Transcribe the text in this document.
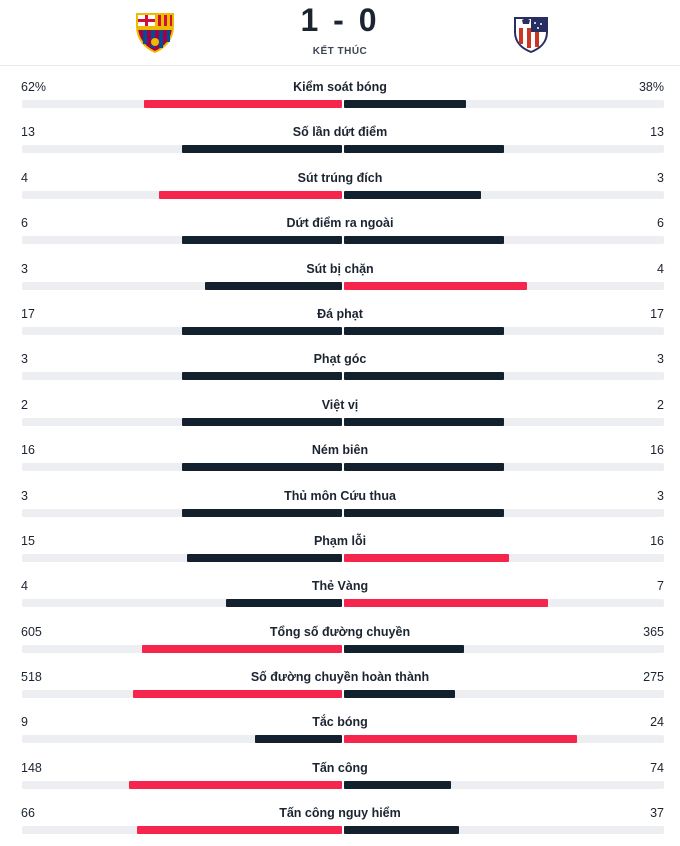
1 - 0
KẾT THÚC
62%	Kiểm soát bóng	38%
13	Số lần dứt điểm	13
4	Sút trúng đích	3
6	Dứt điểm ra ngoài	6
3	Sút bị chặn	4
17	Đá phạt	17
3	Phạt góc	3
2	Việt vị	2
16	Ném biên	16
3	Thủ môn Cứu thua	3
15	Phạm lỗi	16
4	Thẻ Vàng	7
605	Tổng số đường chuyền	365
518	Số đường chuyền hoàn thành	275
9	Tắc bóng	24
148	Tấn công	74
66	Tấn công nguy hiểm	37
